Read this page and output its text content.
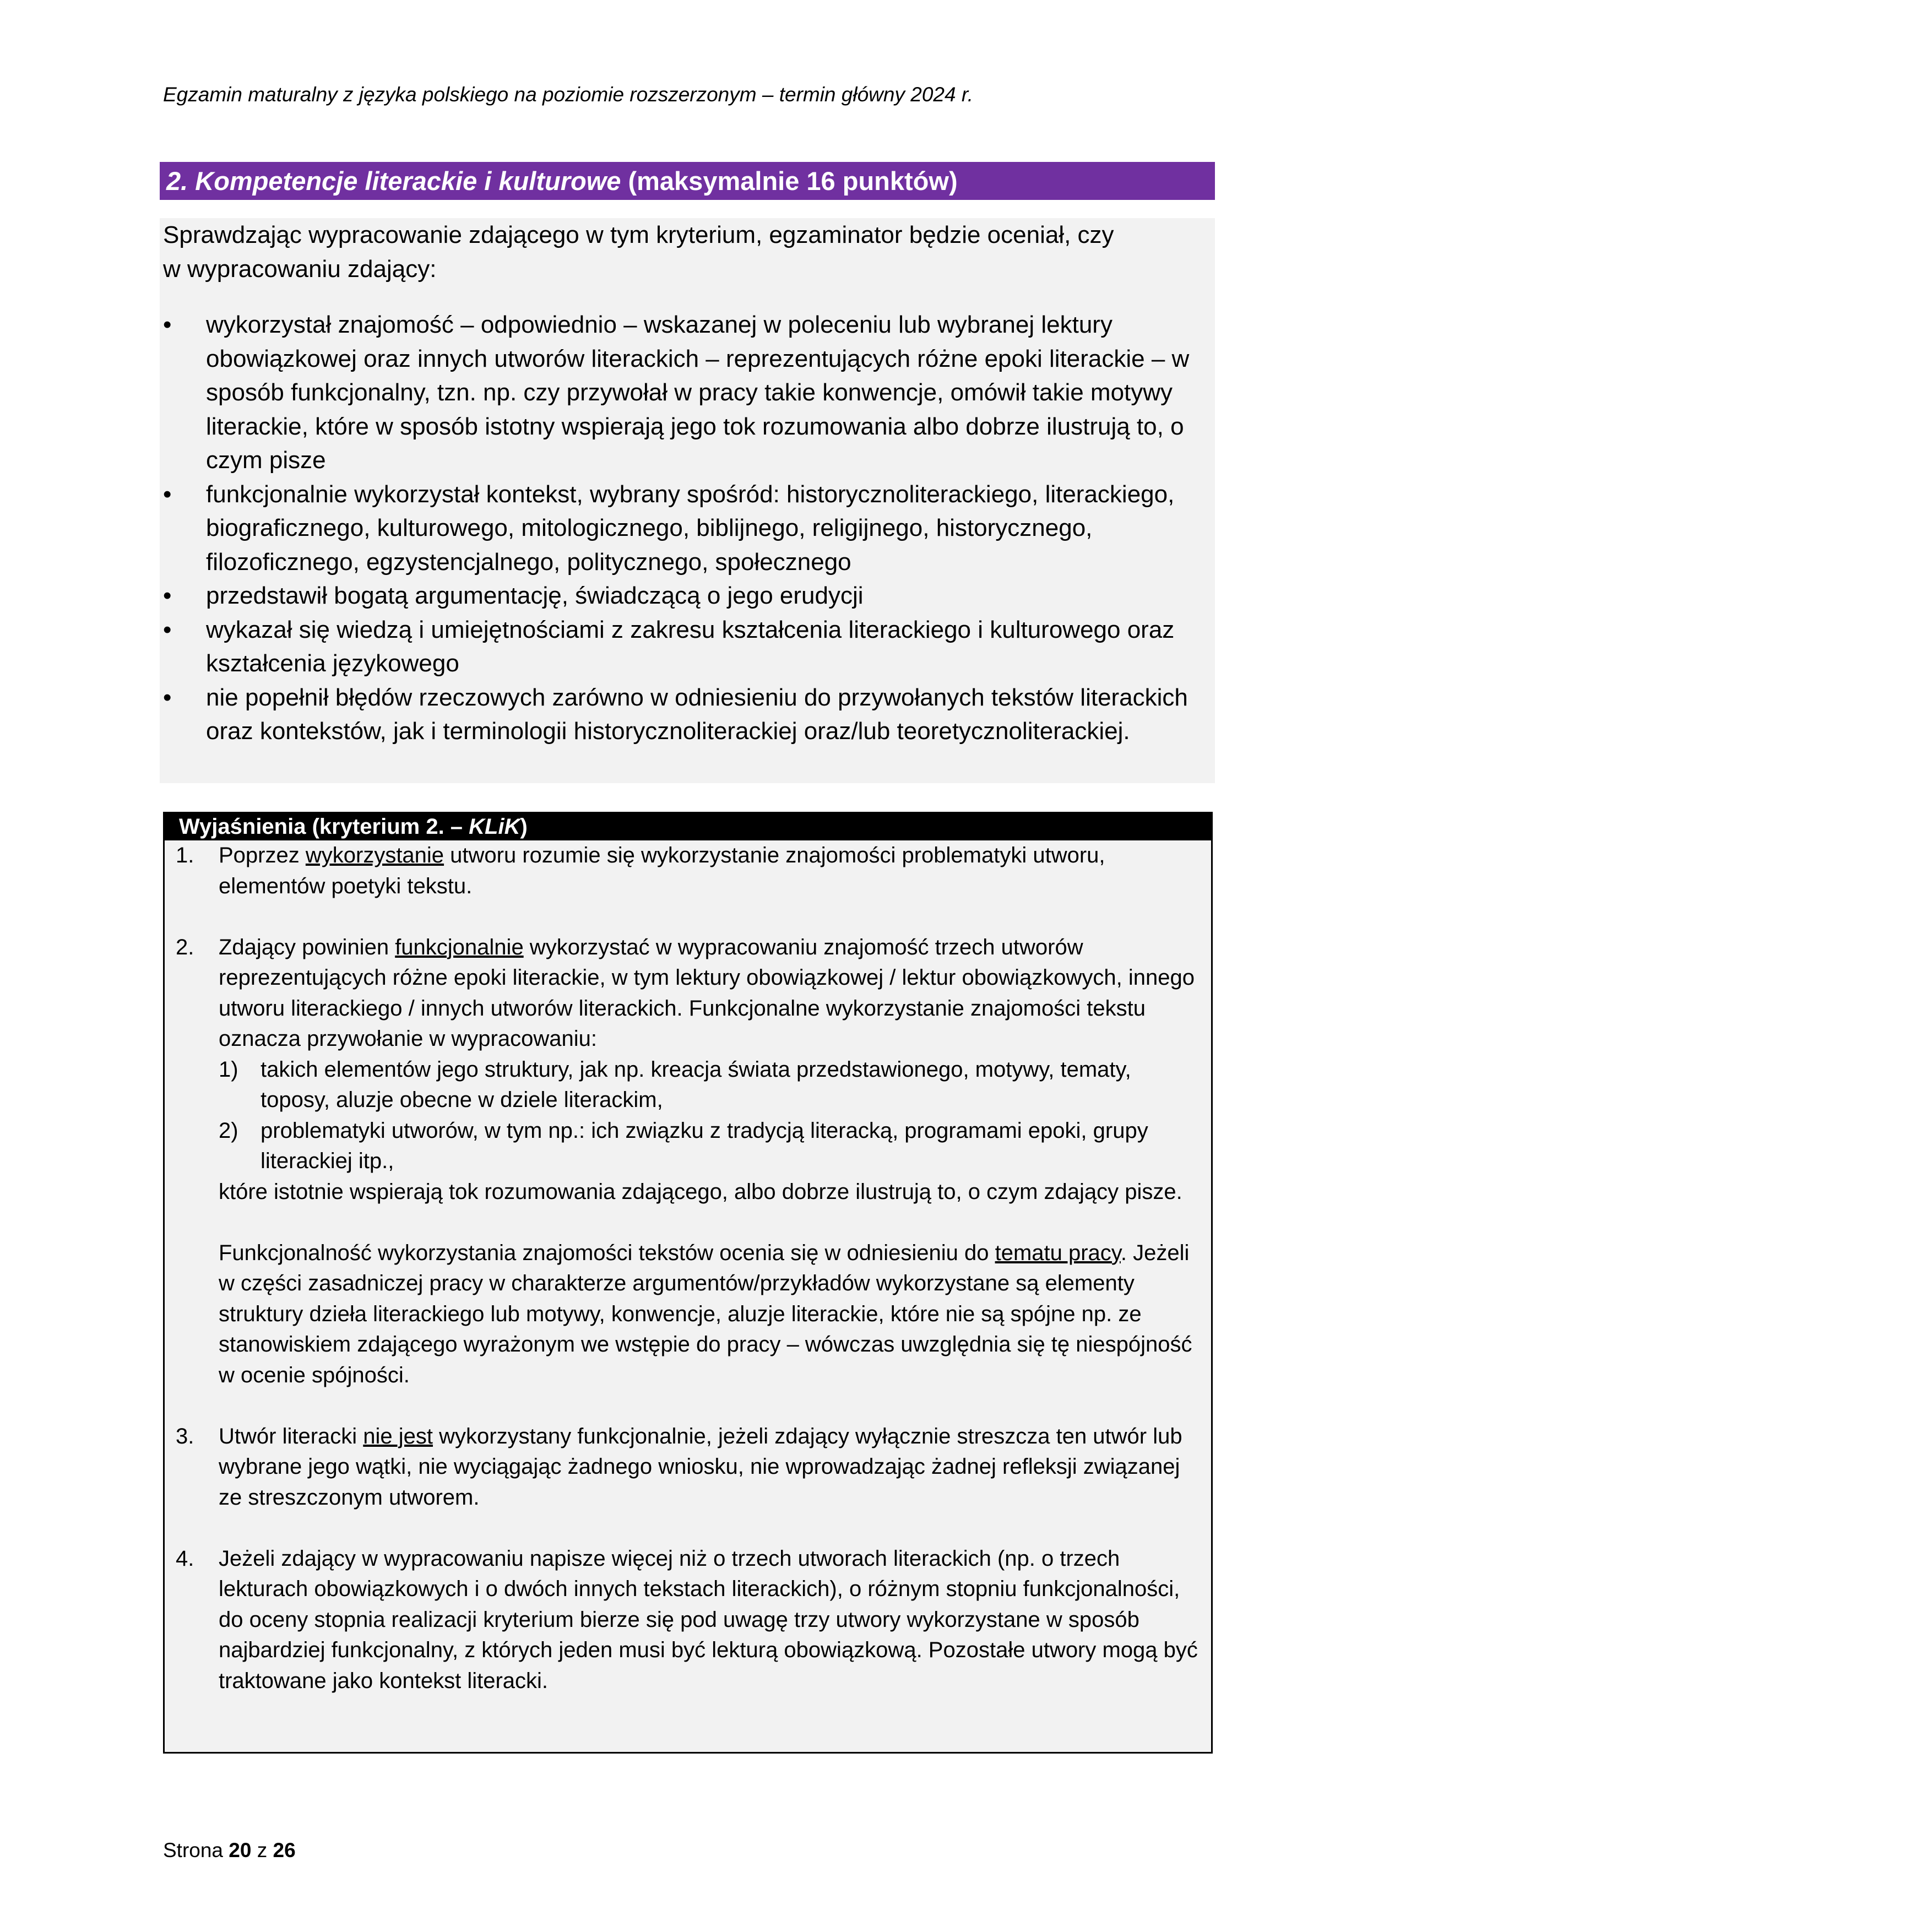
Egzamin maturalny z języka polskiego na poziomie rozszerzonym – termin główny 2024 r.
2. Kompetencje literackie i kulturowe (maksymalnie 16 punktów)

Sprawdzając wypracowanie zdającego w tym kryterium, egzaminator będzie oceniał, czy
w wypracowaniu zdający:

•	wykorzystał znajomość – odpowiednio – wskazanej w poleceniu lub wybranej lektury obowiązkowej oraz innych utworów literackich – reprezentujących różne epoki literackie – w sposób funkcjonalny, tzn. np. czy przywołał w pracy takie konwencje, omówił takie motywy literackie, które w sposób istotny wspierają jego tok rozumowania albo dobrze ilustrują to, o czym pisze
•	funkcjonalnie wykorzystał kontekst, wybrany spośród: historycznoliterackiego, literackiego, biograficznego, kulturowego, mitologicznego, biblijnego, religijnego, historycznego, filozoficznego, egzystencjalnego, politycznego, społecznego
•	przedstawił bogatą argumentację, świadczącą o jego erudycji
•	wykazał się wiedzą i umiejętnościami z zakresu kształcenia literackiego i kulturowego oraz kształcenia językowego
•	nie popełnił błędów rzeczowych zarówno w odniesieniu do przywołanych tekstów literackich oraz kontekstów, jak i terminologii historycznoliterackiej oraz/lub teoretycznoliterackiej.
Wyjaśnienia (kryterium 2. – KLiK)
1. Poprzez wykorzystanie utworu rozumie się wykorzystanie znajomości problematyki utworu, elementów poetyki tekstu.
2. Zdający powinien funkcjonalnie wykorzystać w wypracowaniu znajomość trzech utworów reprezentujących różne epoki literackie, w tym lektury obowiązkowej / lektur obowiązkowych, innego utworu literackiego / innych utworów literackich. Funkcjonalne wykorzystanie znajomości tekstu oznacza przywołanie w wypracowaniu:
1) takich elementów jego struktury, jak np. kreacja świata przedstawionego, motywy, tematy, toposy, aluzje obecne w dziele literackim,
2) problematyki utworów, w tym np.: ich związku z tradycją literacką, programami epoki, grupy literackiej itp.,
które istotnie wspierają tok rozumowania zdającego, albo dobrze ilustrują to, o czym zdający pisze.
Funkcjonalność wykorzystania znajomości tekstów ocenia się w odniesieniu do tematu pracy. Jeżeli w części zasadniczej pracy w charakterze argumentów/przykładów wykorzystane są elementy struktury dzieła literackiego lub motywy, konwencje, aluzje literackie, które nie są spójne np. ze stanowiskiem zdającego wyrażonym we wstępie do pracy – wówczas uwzględnia się tę niespójność w ocenie spójności.
3. Utwór literacki nie jest wykorzystany funkcjonalnie, jeżeli zdający wyłącznie streszcza ten utwór lub wybrane jego wątki, nie wyciągając żadnego wniosku, nie wprowadzając żadnej refleksji związanej ze streszczonym utworem.
4. Jeżeli zdający w wypracowaniu napisze więcej niż o trzech utworach literackich (np. o trzech lekturach obowiązkowych i o dwóch innych tekstach literackich), o różnym stopniu funkcjonalności, do oceny stopnia realizacji kryterium bierze się pod uwagę trzy utwory wykorzystane w sposób najbardziej funkcjonalny, z których jeden musi być lekturą obowiązkową. Pozostałe utwory mogą być traktowane jako kontekst literacki.
Strona 20 z 26
